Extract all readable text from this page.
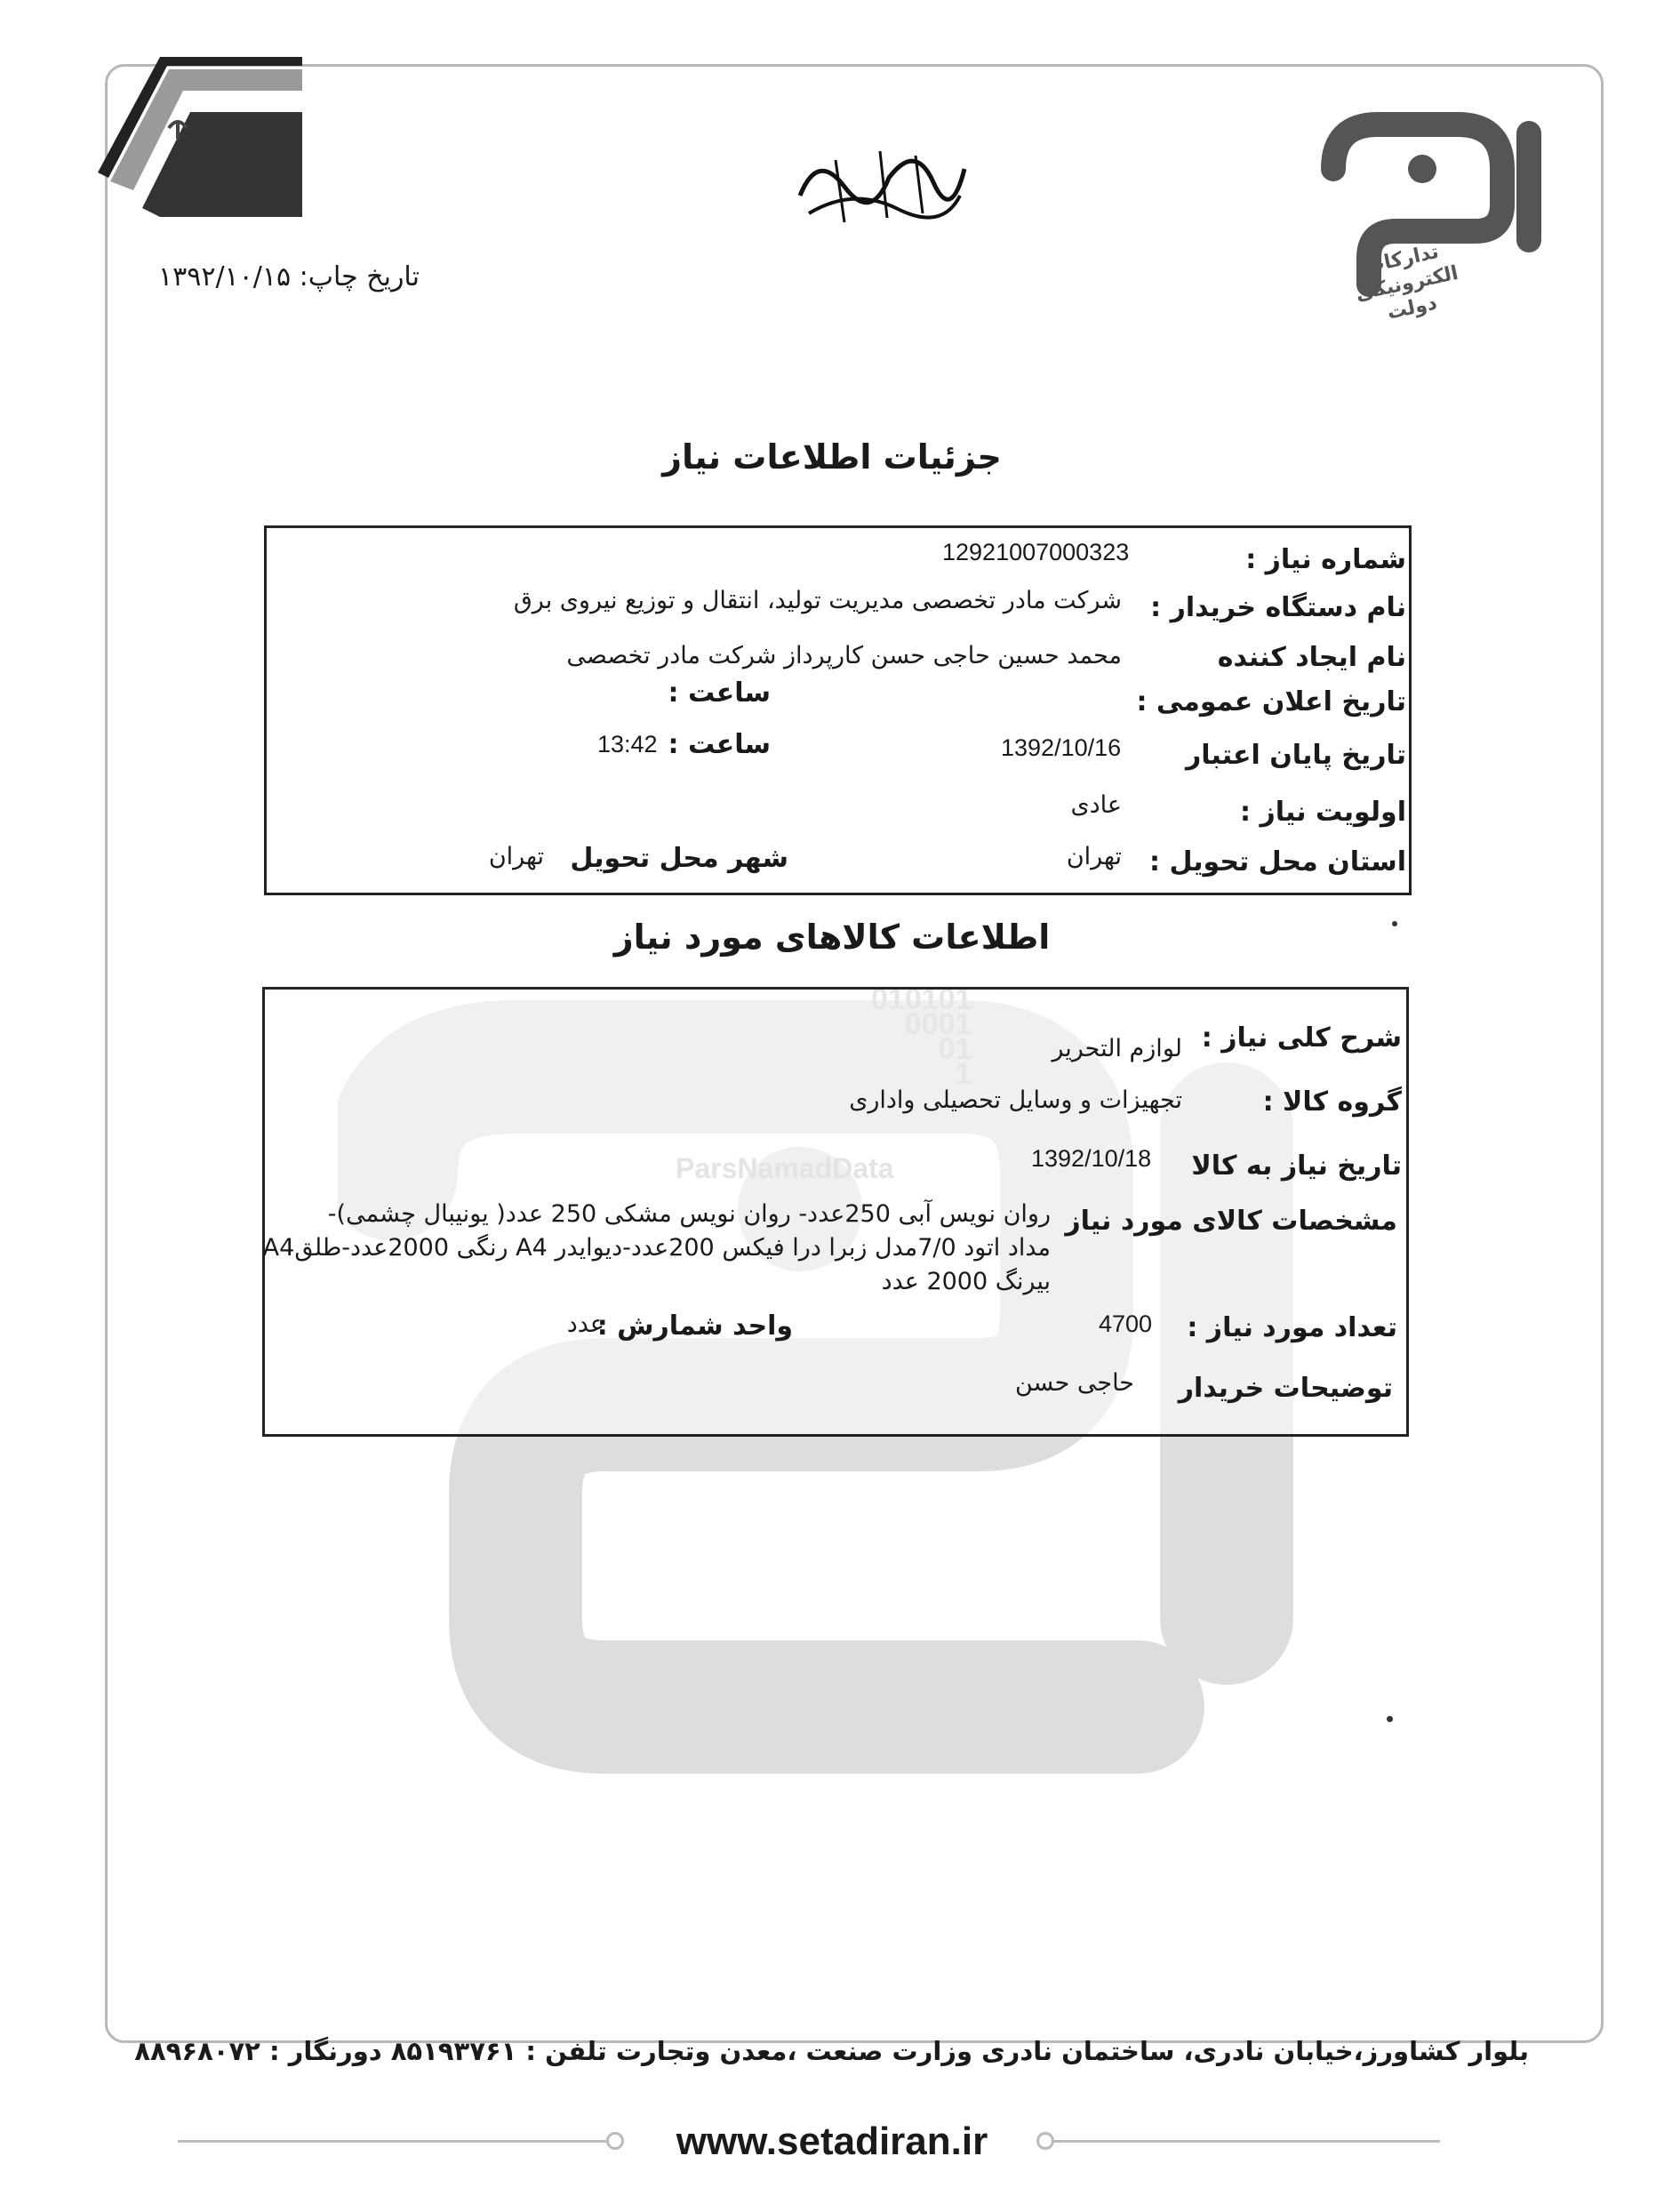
سامانه تدارکات الکترونیکی دولت
تاریخ چاپ: ۱۳۹۲/۱۰/۱۵
جزئیات اطلاعات نیاز
شماره نیاز :
12921007000323
نام دستگاه خریدار :
شرکت مادر تخصصی مدیریت تولید، انتقال و توزیع نیروی برق
نام ایجاد کننده
محمد حسین حاجی حسن کارپرداز شرکت مادر تخصصی
تاریخ اعلان عمومی :
ساعت :
تاریخ پایان اعتبار
1392/10/16
ساعت :
13:42
اولویت نیاز :
عادی
استان محل تحویل :
تهران
شهر محل تحویل
تهران
اطلاعات کالاهای مورد نیاز
شرح کلی نیاز :
لوازم التحریر
گروه کالا :
تجهیزات و وسایل تحصیلی واداری
تاریخ نیاز به کالا
1392/10/18
مشخصات کالای مورد نیاز
روان نویس آبی 250عدد- روان نویس مشکی 250 عدد( یونیبال چشمی)-
مداد اتود 7/0مدل زبرا درا فیکس 200عدد-دیوایدر A4 رنگی 2000عدد-طلقA4
بیرنگ 2000 عدد
تعداد مورد نیاز :
4700
واحد شمارش :
عدد
توضیحات خریدار
حاجی حسن
بلوار کشاورز،خیابان نادری، ساختمان نادری وزارت صنعت ،معدن وتجارت تلفن : ۸۵۱۹۳۷۶۱ دورنگار : ۸۸۹۶۸۰۷۲
www.setadiran.ir
